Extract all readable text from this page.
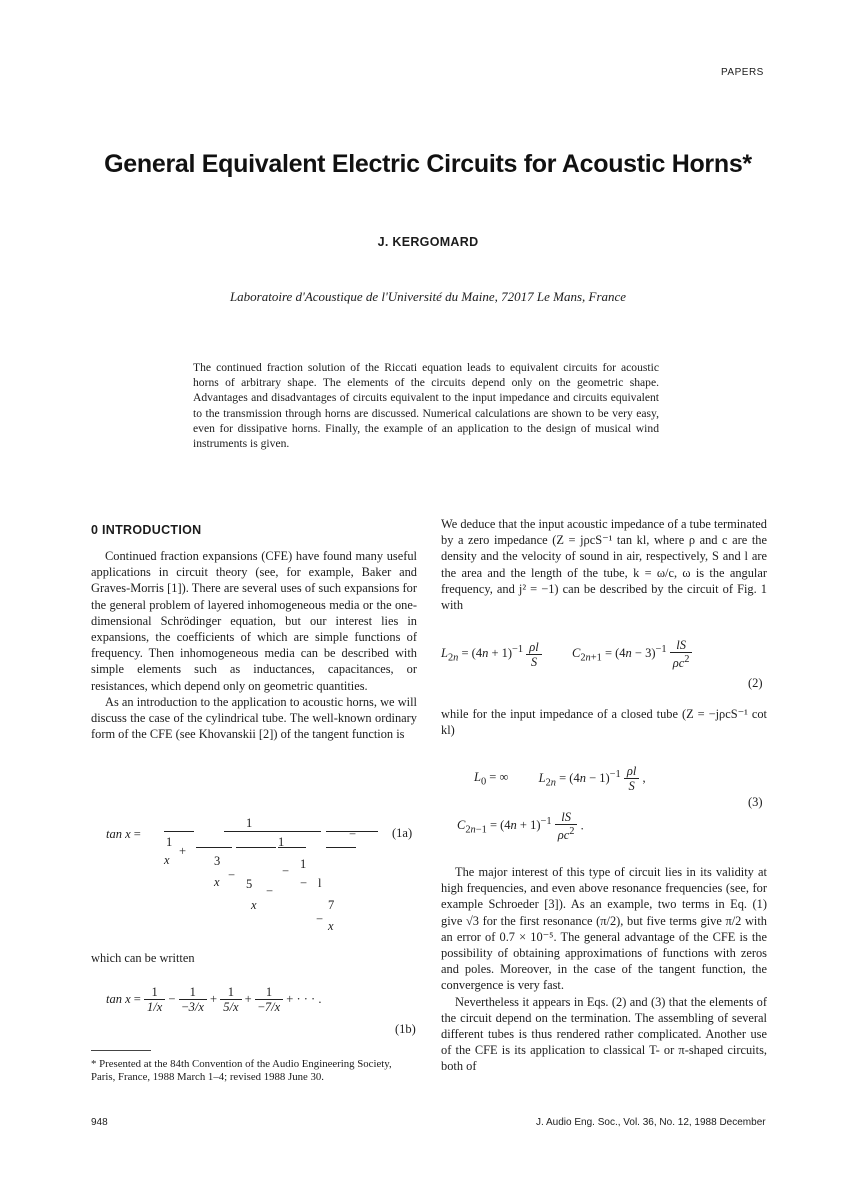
PAPERS
General Equivalent Electric Circuits for Acoustic Horns*
J. KERGOMARD
Laboratoire d'Acoustique de l'Université du Maine, 72017 Le Mans, France
The continued fraction solution of the Riccati equation leads to equivalent circuits for acoustic horns of arbitrary shape. The elements of the circuits depend only on the geometric shape. Advantages and disadvantages of circuits equivalent to the input impedance and circuits equivalent to the transmission through horns are discussed. Numerical calculations are shown to be very easy, even for dissipative horns. Finally, the example of an application to the design of musical wind instruments is given.
0 INTRODUCTION

Continued fraction expansions (CFE) have found many useful applications in circuit theory (see, for example, Baker and Graves-Morris [1]). There are several uses of such expansions for the general problem of layered inhomogeneous media or the one-dimensional Schrödinger equation, but our interest lies in expansions, the coefficients of which are simple functions of frequency. Then inhomogeneous media can be described with simple elements such as inductances, capacitances, or resistances, which depend only on geometric quantities.

As an introduction to the application to acoustic horns, we will discuss the case of the cylindrical tube. The well-known ordinary form of the CFE (see Khovanskii [2]) of the tangent function is

tan x =
1
x
+
3
x −
1
5
x
−
1
1
−
− l
7
− x
−	(1a)

which can be written

$\tan x = \frac{1}{1/x} - \frac{1}{-3/x} + \frac{1}{5/x} + \frac{1}{-7/x}$ + · · · .
(1b)
* Presented at the 84th Convention of the Audio Engineering Society, Paris, France, 1988 March 1–4; revised 1988 June 30.

We deduce that the input acoustic impedance of a tube terminated by a zero impedance (Z = jρcS⁻¹ tan kl, where ρ and c are the density and the velocity of sound in air, respectively, S and l are the area and the length of the tube, k = ω/c, ω is the angular frequency, and j² = −1) can be described by the circuit of Fig. 1 with

$L_{2n} = (4n + 1)^{-1} \frac{\rho l}{S} C_{2n+1} = (4n - 3)^{-1} \frac{lS}{\rho c^2}$
(2)

while for the input impedance of a closed tube (Z = −jρcS⁻¹ cot kl)

$L_0$ = ∞ $L_{2n} = (4n - 1)^{-1} \frac{\rho l}{S}$ ,
(3)
$C_{2n-1} = (4n + 1)^{-1} \frac{lS}{\rho c^2}$ .

The major interest of this type of circuit lies in its validity at high frequencies, and even above resonance frequencies (see, for example Schroeder [3]). As an example, two terms in Eq. (1) give √3 for the first resonance (π/2), but five terms give π/2 with an error of 0.7 × 10⁻⁵. The general advantage of the CFE is the possibility of obtaining approximations of functions with zeros and poles. Moreover, in the case of the tangent function, the convergence is very fast.

Nevertheless it appears in Eqs. (2) and (3) that the elements of the circuit depend on the termination. The assembling of several different tubes is thus rendered rather complicated. Another use of the CFE is its application to classical T- or π-shaped circuits, both of

948	J. Audio Eng. Soc., Vol. 36, No. 12, 1988 December
